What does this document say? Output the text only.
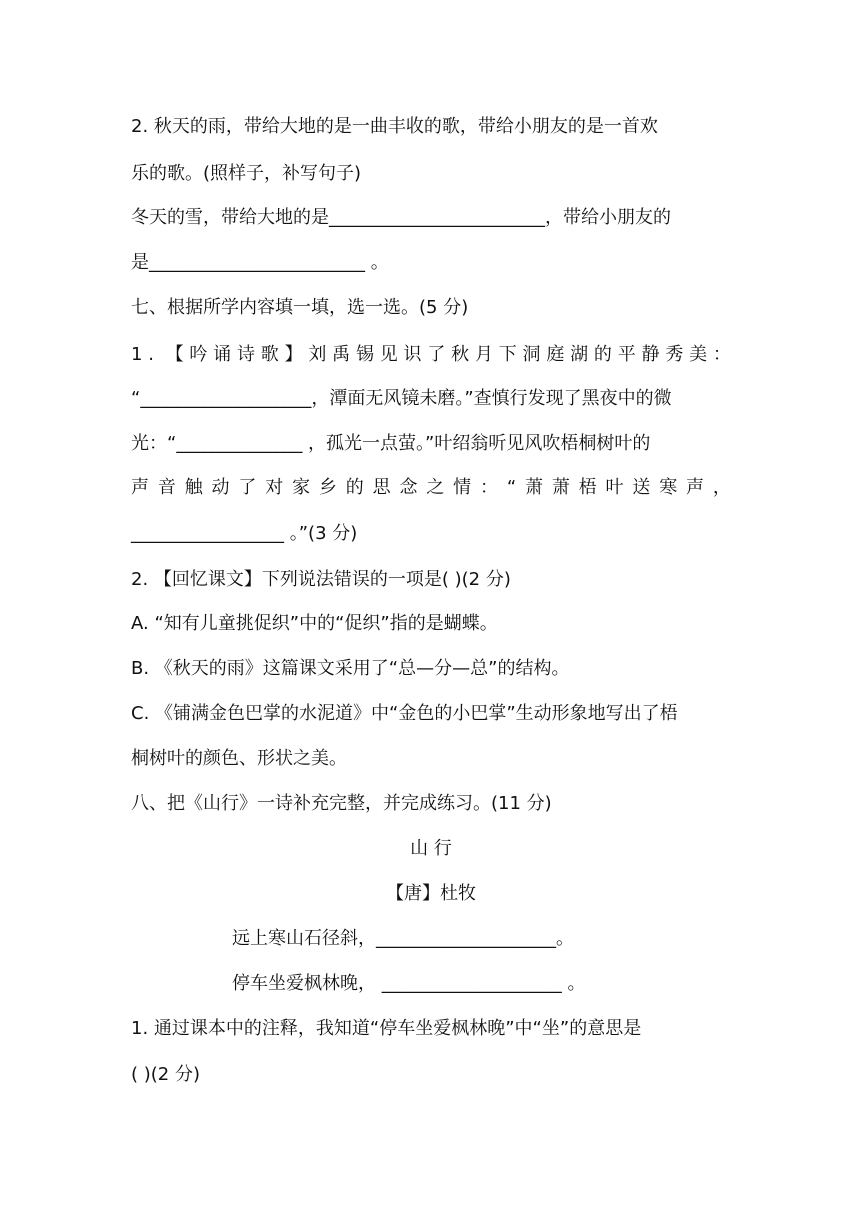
2. 秋天的雨，带给大地的是一曲丰收的歌，带给小朋友的是一首欢
乐的歌。(照样子，补写句子)
冬天的雪，带给大地的是________________________，带给小朋友的
是________________________ 。
七、根据所学内容填一填，选一选。(5 分)
1 . 【 吟 诵 诗 歌 】 刘 禹 锡 见 识 了 秋 月 下 洞 庭 湖 的 平 静 秀 美 ：
“___________________，潭面无风镜未磨。”查慎行发现了黑夜中的微
光：“______________ ，孤光一点萤。”叶绍翁听见风吹梧桐树叶的
声 音 触 动 了 对 家 乡 的 思 念 之 情 ： “ 萧 萧 梧 叶 送 寒 声 ，
_________________ 。”(3 分)
2. 【回忆课文】下列说法错误的一项是( )(2 分)
A. “知有儿童挑促织”中的“促织”指的是蝴蝶。
B. 《秋天的雨》这篇课文采用了“总—分—总”的结构。
C. 《铺满金色巴掌的水泥道》中“金色的小巴掌”生动形象地写出了梧
桐树叶的颜色、形状之美。
八、把《山行》一诗补充完整，并完成练习。(11 分)
山 行
【唐】杜牧
远上寒山石径斜，____________________。
停车坐爱枫林晚， ____________________ 。
1. 通过课本中的注释，我知道“停车坐爱枫林晚”中“坐”的意思是
( )(2 分)
